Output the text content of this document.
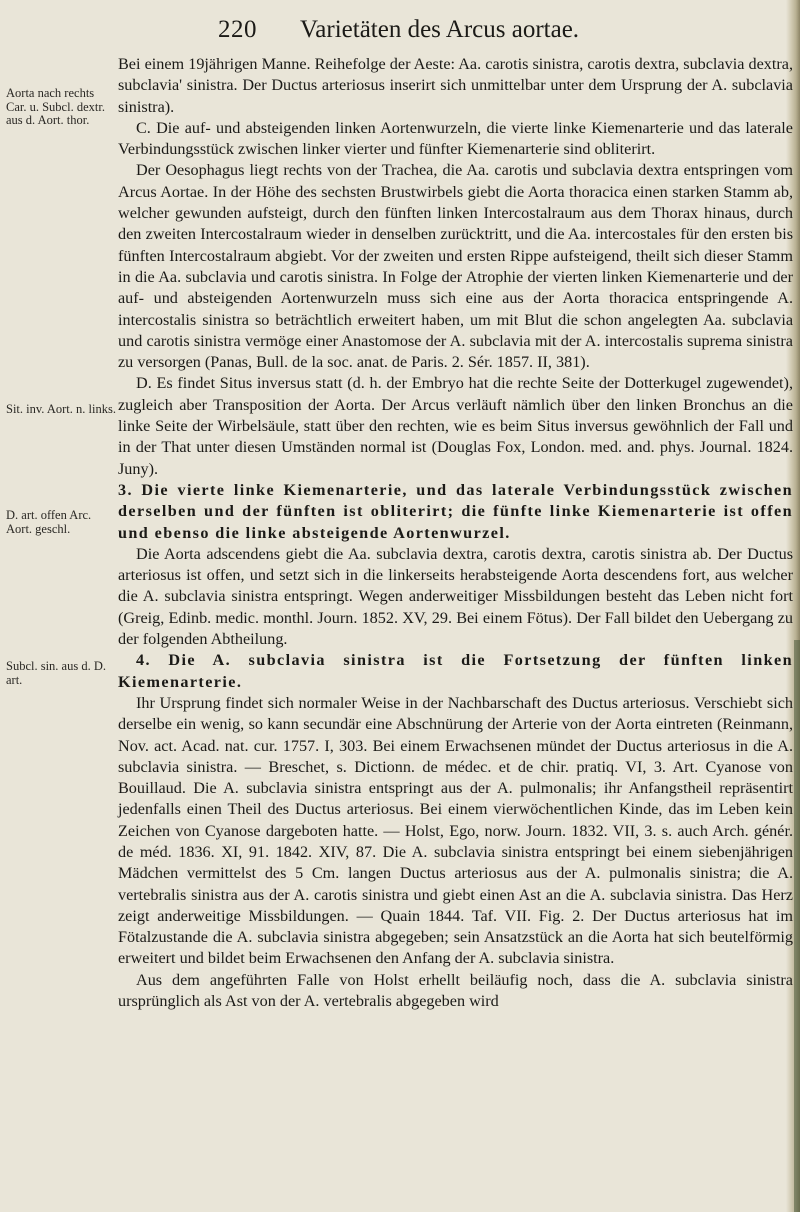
220 Varietäten des Arcus aortae.
Aorta nach rechts Car. u. Subcl. dextr. aus d. Aort. thor.
Sit. inv. Aort. n. links.
D. art. offen Arc. Aort. geschl.
Subcl. sin. aus d. D. art.

Bei einem 19jährigen Manne. Reihefolge der Aeste: Aa. carotis sinistra, carotis dextra, subclavia dextra, subclavia' sinistra. Der Ductus arteriosus inserirt sich unmittelbar unter dem Ursprung der A. subclavia sinistra).

C. Die auf- und absteigenden linken Aortenwurzeln, die vierte linke Kiemenarterie und das laterale Verbindungsstück zwischen linker vierter und fünfter Kiemenarterie sind obliterirt.

Der Oesophagus liegt rechts von der Trachea, die Aa. carotis und subclavia dextra entspringen vom Arcus Aortae. In der Höhe des sechsten Brustwirbels giebt die Aorta thoracica einen starken Stamm ab, welcher gewunden aufsteigt, durch den fünften linken Intercostalraum aus dem Thorax hinaus, durch den zweiten Intercostalraum wieder in denselben zurücktritt, und die Aa. intercostales für den ersten bis fünften Intercostalraum abgiebt. Vor der zweiten und ersten Rippe aufsteigend, theilt sich dieser Stamm in die Aa. subclavia und carotis sinistra. In Folge der Atrophie der vierten linken Kiemenarterie und der auf- und absteigenden Aortenwurzeln muss sich eine aus der Aorta thoracica entspringende A. intercostalis sinistra so beträchtlich erweitert haben, um mit Blut die schon angelegten Aa. subclavia und carotis sinistra vermöge einer Anastomose der A. subclavia mit der A. intercostalis suprema sinistra zu versorgen (Panas, Bull. de la soc. anat. de Paris. 2. Sér. 1857. II, 381).

D. Es findet Situs inversus statt (d. h. der Embryo hat die rechte Seite der Dotterkugel zugewendet), zugleich aber Transposition der Aorta. Der Arcus verläuft nämlich über den linken Bronchus an die linke Seite der Wirbelsäule, statt über den rechten, wie es beim Situs inversus gewöhnlich der Fall und in der That unter diesen Umständen normal ist (Douglas Fox, London. med. and. phys. Journal. 1824. Juny).

3. Die vierte linke Kiemenarterie, und das laterale Verbindungsstück zwischen derselben und der fünften ist obliterirt; die fünfte linke Kiemenarterie ist offen und ebenso die linke absteigende Aortenwurzel.

Die Aorta adscendens giebt die Aa. subclavia dextra, carotis dextra, carotis sinistra ab. Der Ductus arteriosus ist offen, und setzt sich in die linkerseits herabsteigende Aorta descendens fort, aus welcher die A. subclavia sinistra entspringt. Wegen anderweitiger Missbildungen besteht das Leben nicht fort (Greig, Edinb. medic. monthl. Journ. 1852. XV, 29. Bei einem Fötus). Der Fall bildet den Uebergang zu der folgenden Abtheilung.

4. Die A. subclavia sinistra ist die Fortsetzung der fünften linken Kiemenarterie.

Ihr Ursprung findet sich normaler Weise in der Nachbarschaft des Ductus arteriosus. Verschiebt sich derselbe ein wenig, so kann secundär eine Abschnürung der Arterie von der Aorta eintreten (Reinmann, Nov. act. Acad. nat. cur. 1757. I, 303. Bei einem Erwachsenen mündet der Ductus arteriosus in die A. subclavia sinistra. — Breschet, s. Dictionn. de médec. et de chir. pratiq. VI, 3. Art. Cyanose von Bouillaud. Die A. subclavia sinistra entspringt aus der A. pulmonalis; ihr Anfangstheil repräsentirt jedenfalls einen Theil des Ductus arteriosus. Bei einem vierwöchentlichen Kinde, das im Leben kein Zeichen von Cyanose dargeboten hatte. — Holst, Ego, norw. Journ. 1832. VII, 3. s. auch Arch. génér. de méd. 1836. XI, 91. 1842. XIV, 87. Die A. subclavia sinistra entspringt bei einem siebenjährigen Mädchen vermittelst des 5 Cm. langen Ductus arteriosus aus der A. pulmonalis sinistra; die A. vertebralis sinistra aus der A. carotis sinistra und giebt einen Ast an die A. subclavia sinistra. Das Herz zeigt anderweitige Missbildungen. — Quain 1844. Taf. VII. Fig. 2. Der Ductus arteriosus hat im Fötalzustande die A. subclavia sinistra abgegeben; sein Ansatzstück an die Aorta hat sich beutelförmig erweitert und bildet beim Erwachsenen den Anfang der A. subclavia sinistra.

Aus dem angeführten Falle von Holst erhellt beiläufig noch, dass die A. subclavia sinistra ursprünglich als Ast von der A. vertebralis abgegeben wird
